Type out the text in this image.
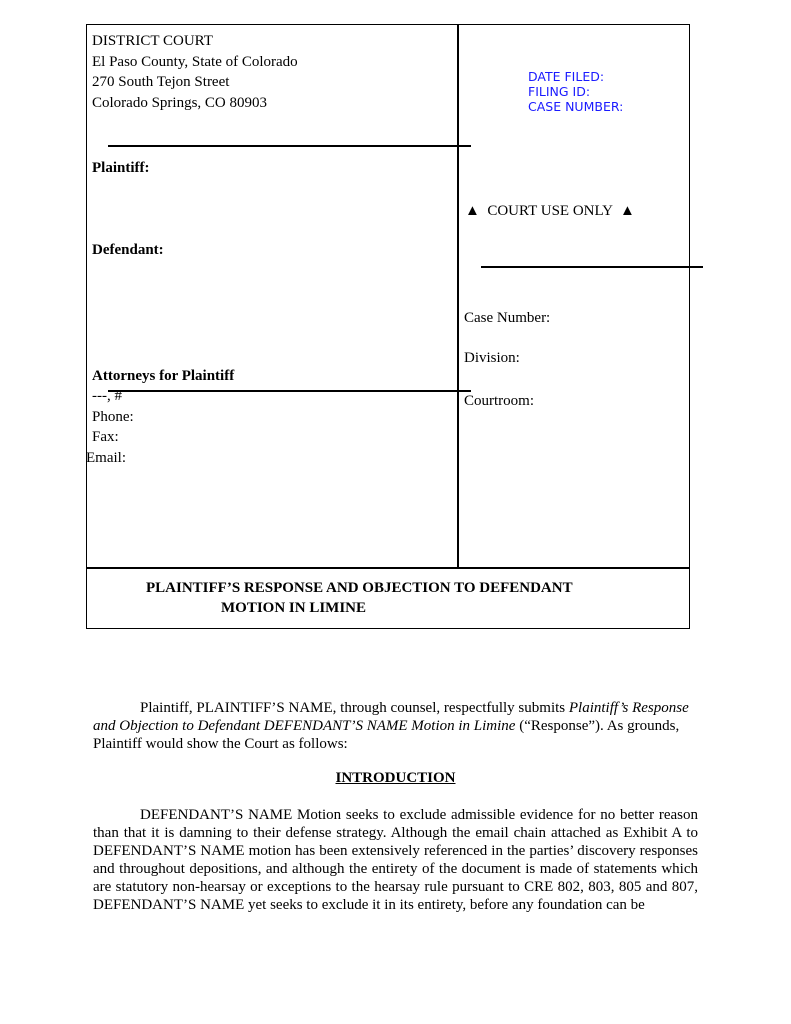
DISTRICT COURT
El Paso County, State of Colorado
270 South Tejon Street
Colorado Springs, CO 80903
DATE FILED:
FILING ID:
CASE NUMBER:
Plaintiff:
Defendant:
▲  COURT USE ONLY  ▲
Case Number:
Division:
Courtroom:
Attorneys for Plaintiff
---, #
Phone:
Fax:
Email:
PLAINTIFF’S RESPONSE AND OBJECTION TO DEFENDANT
MOTION IN LIMINE
Plaintiff, PLAINTIFF’S NAME, through counsel, respectfully submits Plaintiff’s Response and Objection to Defendant DEFENDANT’S NAME Motion in Limine (“Response”). As grounds, Plaintiff would show the Court as follows:
INTRODUCTION
DEFENDANT’S NAME Motion seeks to exclude admissible evidence for no better reason than that it is damning to their defense strategy. Although the email chain attached as Exhibit A to DEFENDANT’S NAME motion has been extensively referenced in the parties’ discovery responses and throughout depositions, and although the entirety of the document is made of statements which are statutory non-hearsay or exceptions to the hearsay rule pursuant to CRE 802, 803, 805 and 807, DEFENDANT’S NAME yet seeks to exclude it in its entirety, before any foundation can be
